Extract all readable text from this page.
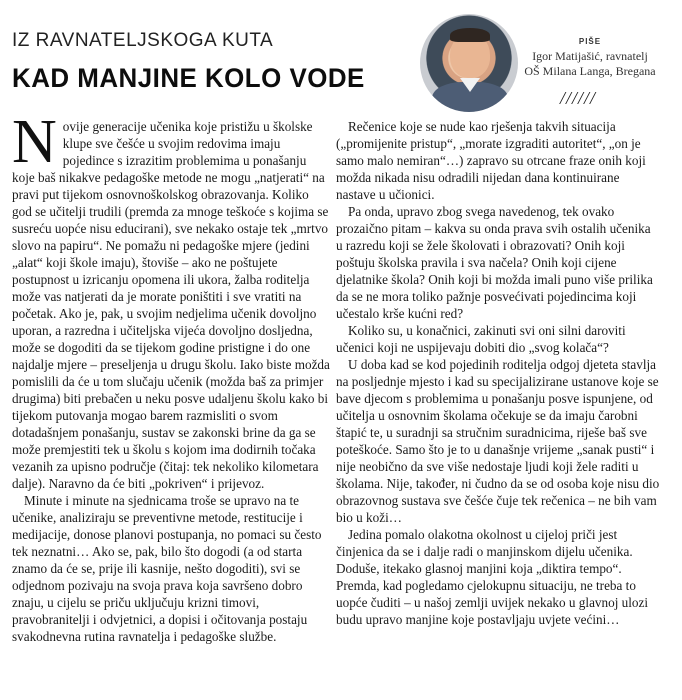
IZ RAVNATELJSKOGA KUTA

KAD MANJINE KOLO VODE
PIŠE
Igor Matijašić, ravnatelj
OŠ Milana Langa, Bregana
//////

Novije generacije učenika koje pristižu u školske klupe sve češće u svojim redovima imaju pojedince s izrazitim problemima u ponašanju koje baš nikakve pedagoške metode ne mogu „natjerati“ na pravi put tijekom osnovnoškolskog obrazovanja. Koliko god se učitelji trudili (premda za mnoge teškoće s kojima se susreću uopće nisu educirani), sve nekako ostaje tek „mrtvo slovo na papiru“. Ne pomažu ni pedagoške mjere (jedini „alat“ koji škole imaju), štoviše – ako ne poštujete postupnost u izricanju opomena ili ukora, žalba roditelja može vas natjerati da je morate poništiti i sve vratiti na početak. Ako je, pak, u svojim nedjelima učenik dovoljno uporan, a razredna i učiteljska vijeća dovoljno dosljedna, može se dogoditi da se tijekom godine pristigne i do one najdalje mjere – preseljenja u drugu školu. Iako biste možda pomislili da će u tom slučaju učenik (možda baš za primjer drugima) biti prebačen u neku posve udaljenu školu kako bi tijekom putovanja mogao barem razmisliti o svom dotadašnjem ponašanju, sustav se zakonski brine da ga se može premjestiti tek u školu s kojom ima dodirnih točaka vezanih za upisno područje (čitaj: tek nekoliko kilometara dalje). Naravno da će biti „pokriven“ i prijevoz.

Minute i minute na sjednicama troše se upravo na te učenike, analiziraju se preventivne metode, restitucije i medijacije, donose planovi postupanja, no pomaci su često tek neznatni… Ako se, pak, bilo što dogodi (a od starta znamo da će se, prije ili kasnije, nešto dogoditi), svi se odjednom pozivaju na svoja prava koja savršeno dobro znaju, u cijelu se priču uključuju krizni timovi, pravobranitelji i odvjetnici, a dopisi i očitovanja postaju svakodnevna rutina ravnatelja i pedagoške službe.

Rečenice koje se nude kao rješenja takvih situacija („promijenite pristup“, „morate izgraditi autoritet“, „on je samo malo nemiran“…) zapravo su otrcane fraze onih koji možda nikada nisu odradili nijedan dana kontinuirane nastave u učionici.

Pa onda, upravo zbog svega navedenog, tek ovako prozaično pitam – kakva su onda prava svih ostalih učenika u razredu koji se žele školovati i obrazovati? Onih koji poštuju školska pravila i sva načela? Onih koji cijene djelatnike škola? Onih koji bi možda imali puno više prilika da se ne mora toliko pažnje posvećivati pojedincima koji učestalo krše kućni red?

Koliko su, u konačnici, zakinuti svi oni silni daroviti učenici koji ne uspijevaju dobiti dio „svog kolača“?

U doba kad se kod pojedinih roditelja odgoj djeteta stavlja na posljednje mjesto i kad su specijalizirane ustanove koje se bave djecom s problemima u ponašanju posve ispunjene, od učitelja u osnovnim školama očekuje se da imaju čarobni štapić te, u suradnji sa stručnim suradnicima, riješe baš sve poteškoće. Samo što je to u današnje vrijeme „sanak pusti“ i nije neobično da sve više nedostaje ljudi koji žele raditi u školama. Nije, također, ni čudno da se od osoba koje nisu dio obrazovnog sustava sve češće čuje tek rečenica – ne bih vam bio u koži…

Jedina pomalo olakotna okolnost u cijeloj priči jest činjenica da se i dalje radi o manjinskom dijelu učenika. Doduše, itekako glasnoj manjini koja „diktira tempo“. Premda, kad pogledamo cjelokupnu situaciju, ne treba to uopće čuditi – u našoj zemlji uvijek nekako u glavnoj ulozi budu upravo manjine koje postavljaju uvjete većini…
